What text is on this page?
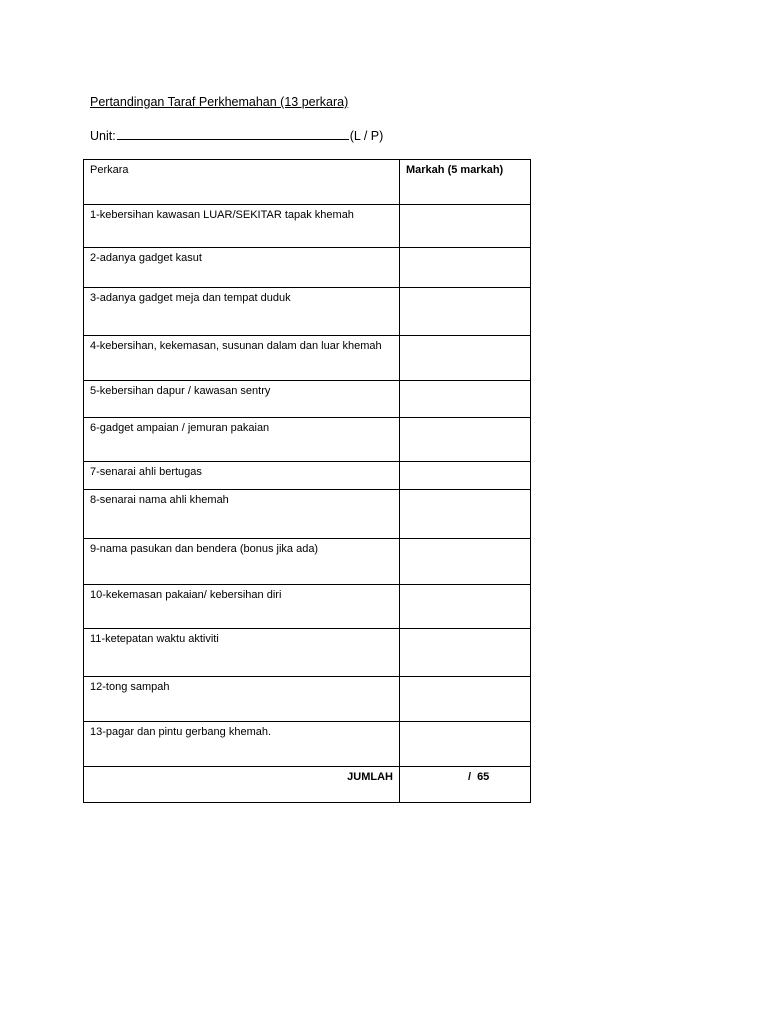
Pertandingan Taraf Perkhemahan (13 perkara)
Unit:	(L / P)
Perkara	Markah (5 markah)
1-kebersihan kawasan LUAR/SEKITAR tapak khemah	
2-adanya gadget kasut	
3-adanya gadget meja dan tempat duduk	
4-kebersihan, kekemasan, susunan dalam dan luar khemah	
5-kebersihan dapur / kawasan sentry	
6-gadget ampaian / jemuran pakaian	
7-senarai ahli bertugas	
8-senarai nama ahli khemah	
9-nama pasukan dan bendera (bonus jika ada)	
10-kekemasan pakaian/ kebersihan diri	
11-ketepatan waktu aktiviti	
12-tong sampah	
13-pagar dan pintu gerbang khemah.	
JUMLAH	/ 65
